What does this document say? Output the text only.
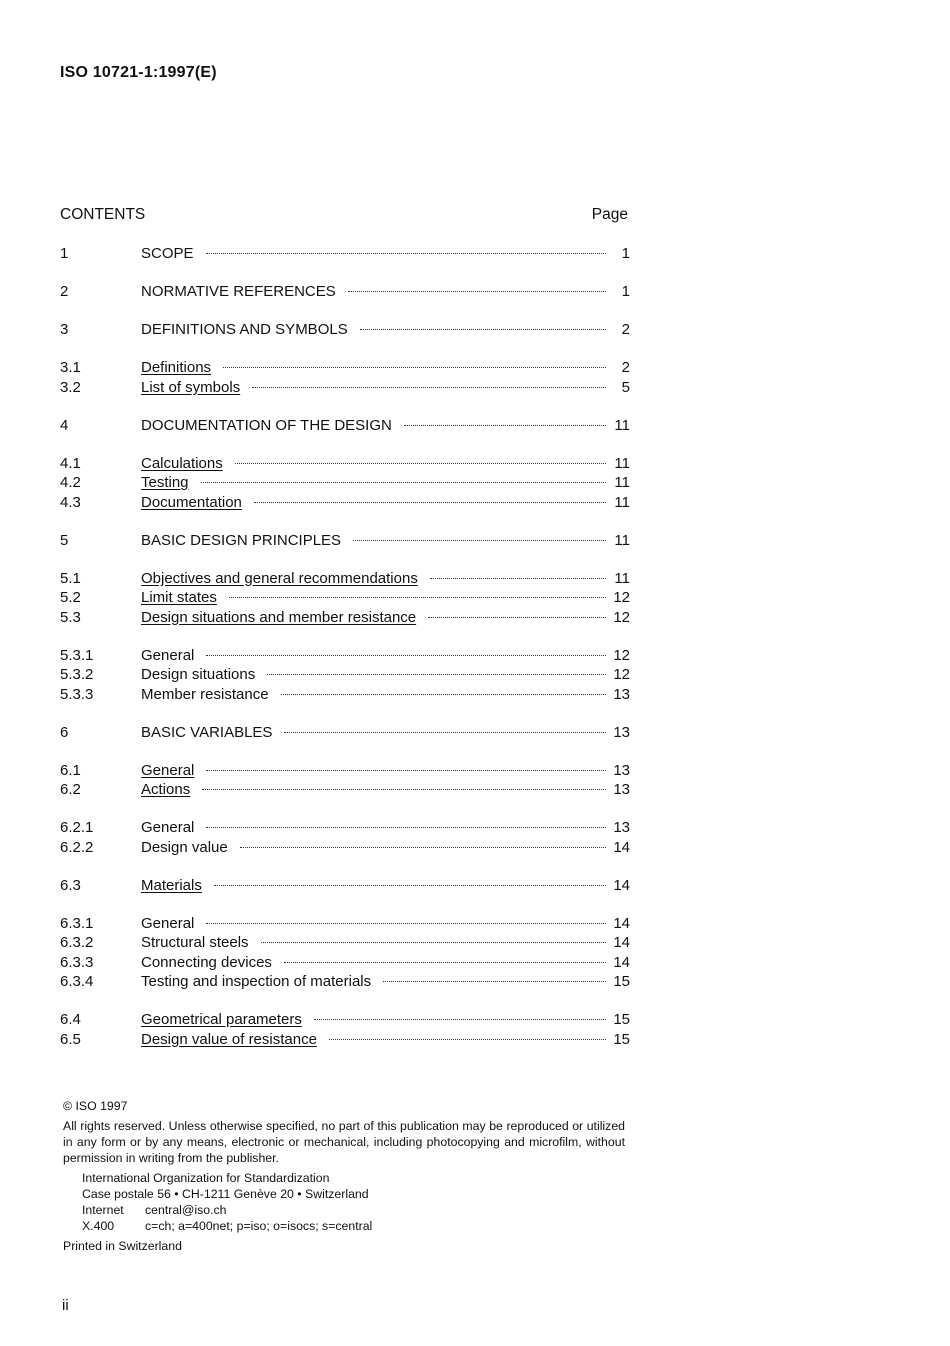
ISO 10721-1:1997(E)
CONTENTS	Page
1	SCOPE	1
2	NORMATIVE REFERENCES	1
3	DEFINITIONS AND SYMBOLS	2
3.1	Definitions	2
3.2	List of symbols	5
4	DOCUMENTATION OF THE DESIGN	11
4.1	Calculations	11
4.2	Testing	11
4.3	Documentation	11
5	BASIC DESIGN PRINCIPLES	11
5.1	Objectives and general recommendations	11
5.2	Limit states	12
5.3	Design situations and member resistance	12
5.3.1	General	12
5.3.2	Design situations	12
5.3.3	Member resistance	13
6	BASIC VARIABLES	13
6.1	General	13
6.2	Actions	13
6.2.1	General	13
6.2.2	Design value	14
6.3	Materials	14
6.3.1	General	14
6.3.2	Structural steels	14
6.3.3	Connecting devices	14
6.3.4	Testing and inspection of materials	15
6.4	Geometrical parameters	15
6.5	Design value of resistance	15
© ISO 1997
All rights reserved. Unless otherwise specified, no part of this publication may be reproduced or utilized in any form or by any means, electronic or mechanical, including photocopying and microfilm, without permission in writing from the publisher.
International Organization for Standardization
Case postale 56 • CH-1211 Genève 20 • Switzerland
Internet	central@iso.ch
X.400	c=ch; a=400net; p=iso; o=isocs; s=central
Printed in Switzerland
ii
